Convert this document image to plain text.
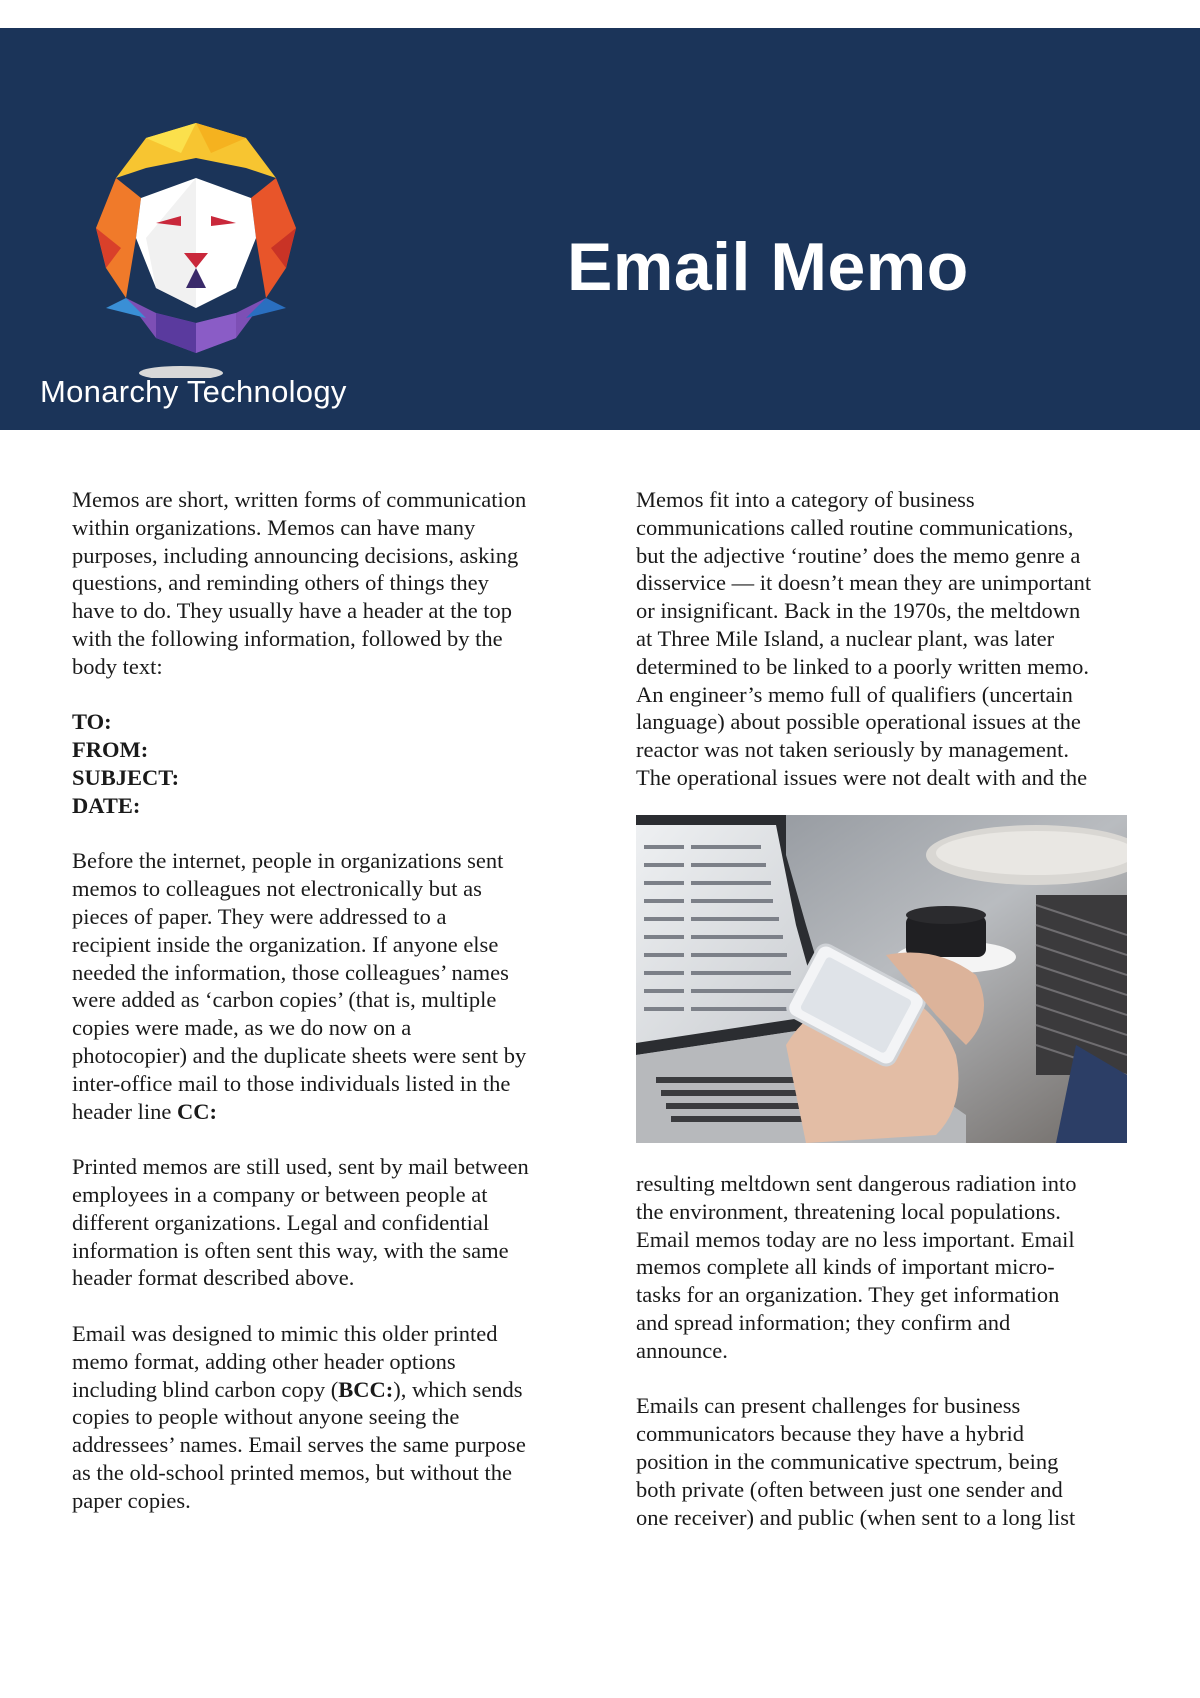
Monarchy Technology
Email Memo
Memos are short, written forms of communication
within organizations. Memos can have many
purposes, including announcing decisions, asking
questions, and reminding others of things they
have to do. They usually have a header at the top
with the following information, followed by the
body text:
TO:
FROM:
SUBJECT:
DATE:
Before the internet, people in organizations sent
memos to colleagues not electronically but as
pieces of paper. They were addressed to a
recipient inside the organization. If anyone else
needed the information, those colleagues’ names
were added as ‘carbon copies’ (that is, multiple
copies were made, as we do now on a
photocopier) and the duplicate sheets were sent by
inter-office mail to those individuals listed in the
header line CC:
Printed memos are still used, sent by mail between
employees in a company or between people at
different organizations. Legal and confidential
information is often sent this way, with the same
header format described above.
Email was designed to mimic this older printed
memo format, adding other header options
including blind carbon copy (BCC:), which sends
copies to people without anyone seeing the
addressees’ names. Email serves the same purpose
as the old-school printed memos, but without the
paper copies.
Memos fit into a category of business
communications called routine communications,
but the adjective ‘routine’ does the memo genre a
disservice — it doesn’t mean they are unimportant
or insignificant. Back in the 1970s, the meltdown
at Three Mile Island, a nuclear plant, was later
determined to be linked to a poorly written memo.
An engineer’s memo full of qualifiers (uncertain
language) about possible operational issues at the
reactor was not taken seriously by management.
The operational issues were not dealt with and the
resulting meltdown sent dangerous radiation into
the environment, threatening local populations.
Email memos today are no less important. Email
memos complete all kinds of important micro-
tasks for an organization. They get information
and spread information; they confirm and
announce.
Emails can present challenges for business
communicators because they have a hybrid
position in the communicative spectrum, being
both private (often between just one sender and
one receiver) and public (when sent to a long list
